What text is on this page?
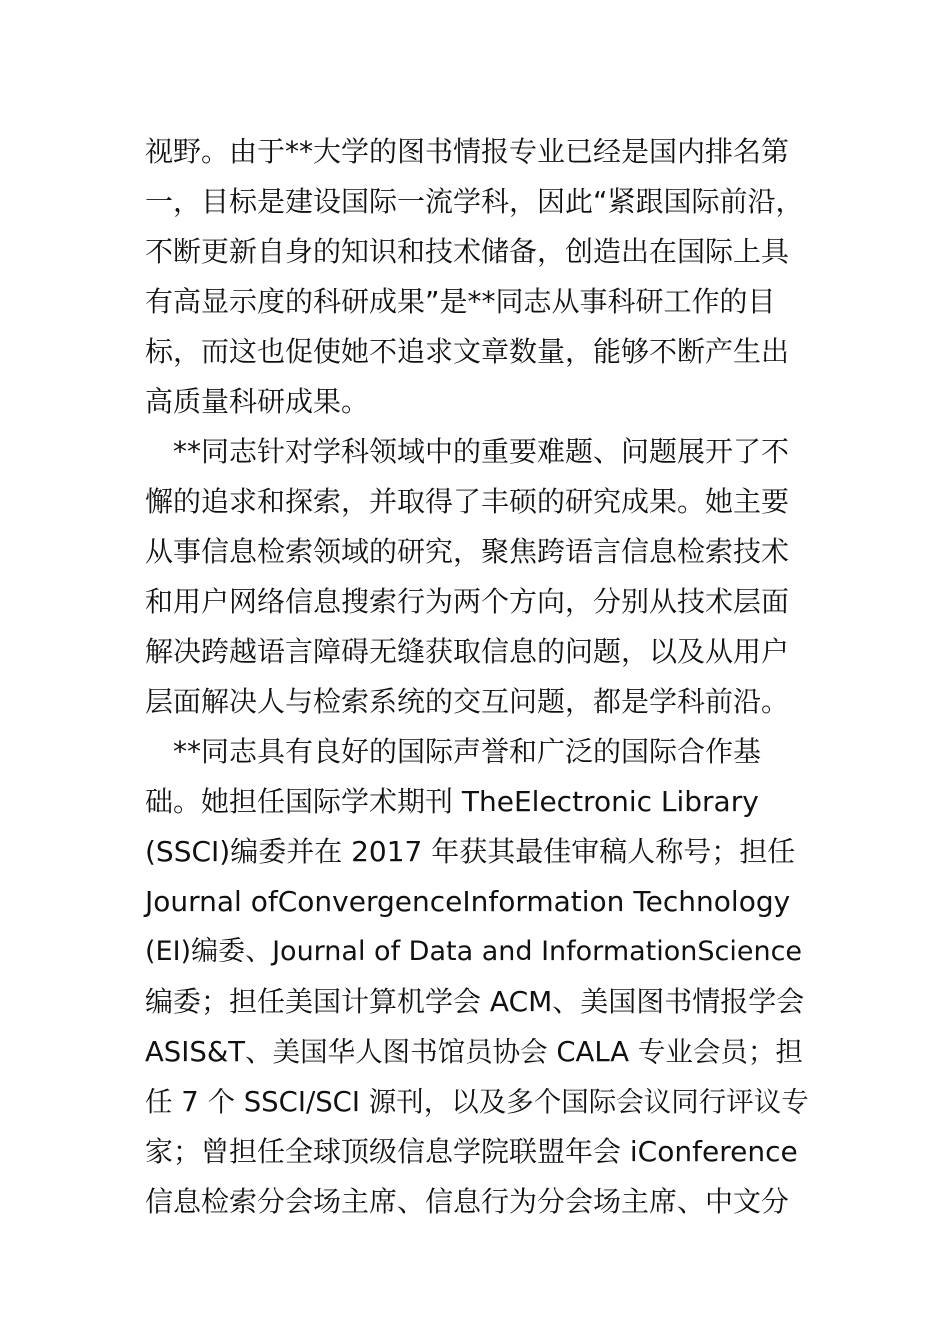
视野。由于**大学的图书情报专业已经是国内排名第
一，目标是建设国际一流学科，因此“紧跟国际前沿，
不断更新自身的知识和技术储备，创造出在国际上具
有高显示度的科研成果”是**同志从事科研工作的目
标，而这也促使她不追求文章数量，能够不断产生出
高质量科研成果。
　**同志针对学科领域中的重要难题、问题展开了不
懈的追求和探索，并取得了丰硕的研究成果。她主要
从事信息检索领域的研究，聚焦跨语言信息检索技术
和用户网络信息搜索行为两个方向，分别从技术层面
解决跨越语言障碍无缝获取信息的问题，以及从用户
层面解决人与检索系统的交互问题，都是学科前沿。
　**同志具有良好的国际声誉和广泛的国际合作基
础。她担任国际学术期刊 TheElectronic Library
(SSCI)编委并在 2017 年获其最佳审稿人称号；担任
Journal ofConvergenceInformation Technology
(EI)编委、Journal of Data and InformationScience
编委；担任美国计算机学会 ACM、美国图书情报学会
ASIS&T、美国华人图书馆员协会 CALA 专业会员；担
任 7 个 SSCI/SCI 源刊，以及多个国际会议同行评议专
家；曾担任全球顶级信息学院联盟年会 iConference
信息检索分会场主席、信息行为分会场主席、中文分
